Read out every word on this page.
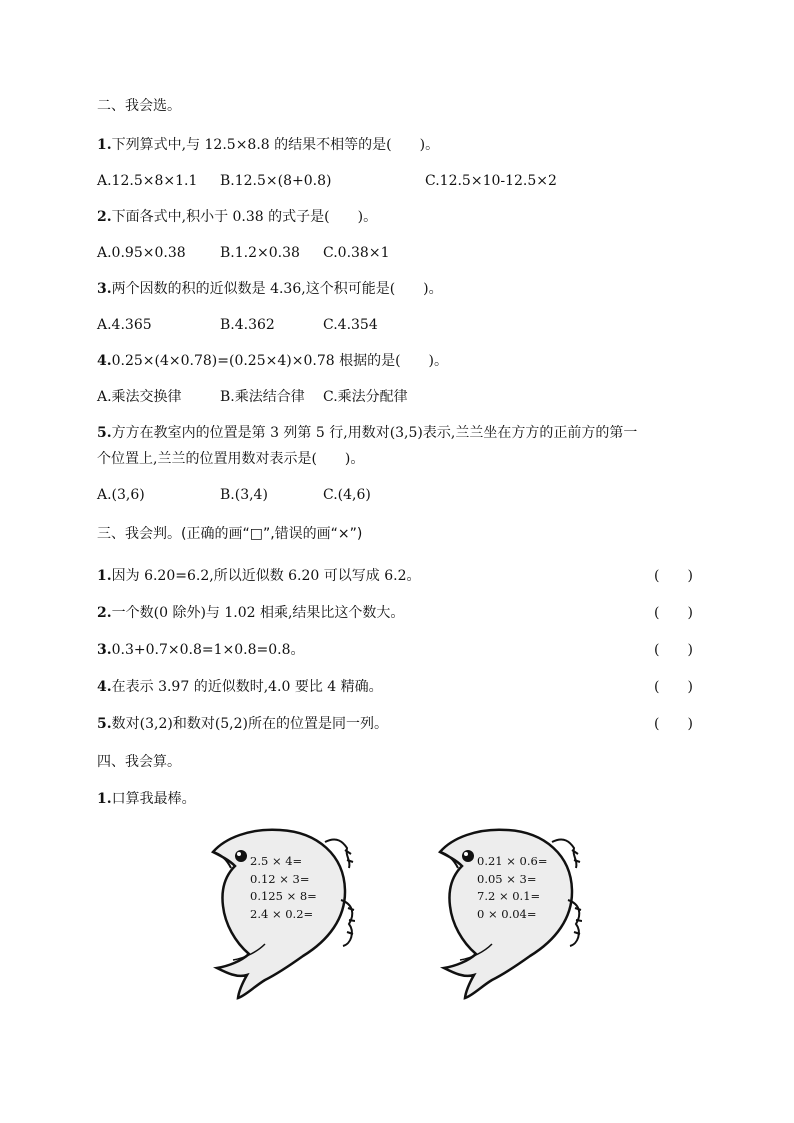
二、我会选。
1.下列算式中,与 12.5×8.8 的结果不相等的是(　　)。
A.12.5×8×1.1 B.12.5×(8+0.8)	C.12.5×10-12.5×2
2.下面各式中,积小于 0.38 的式子是(　　)。
A.0.95×0.38 B.1.2×0.38 C.0.38×1
3.两个因数的积的近似数是 4.36,这个积可能是(　　)。
A.4.365	B.4.362	C.4.354
4.0.25×(4×0.78)=(0.25×4)×0.78 根据的是(　　)。
A.乘法交换律	B.乘法结合律 C.乘法分配律
5.方方在教室内的位置是第 3 列第 5 行,用数对(3,5)表示,兰兰坐在方方的正前方的第一
个位置上,兰兰的位置用数对表示是(　　)。
A.(3,6)	B.(3,4)	C.(4,6)
三、我会判。(正确的画“□”,错误的画“×”)
1.因为 6.20=6.2,所以近似数 6.20 可以写成 6.2。	(　　)
2.一个数(0 除外)与 1.02 相乘,结果比这个数大。	(　　)
3.0.3+0.7×0.8=1×0.8=0.8。	(　　)
4.在表示 3.97 的近似数时,4.0 要比 4 精确。	(　　)
5.数对(3,2)和数对(5,2)所在的位置是同一列。	(　　)
四、我会算。
1.口算我最棒。
2.5 × 4=
0.12 × 3=
0.125 × 8=
2.4 × 0.2=
0.21 × 0.6=
0.05 × 3=
7.2 × 0.1=
0 × 0.04=
